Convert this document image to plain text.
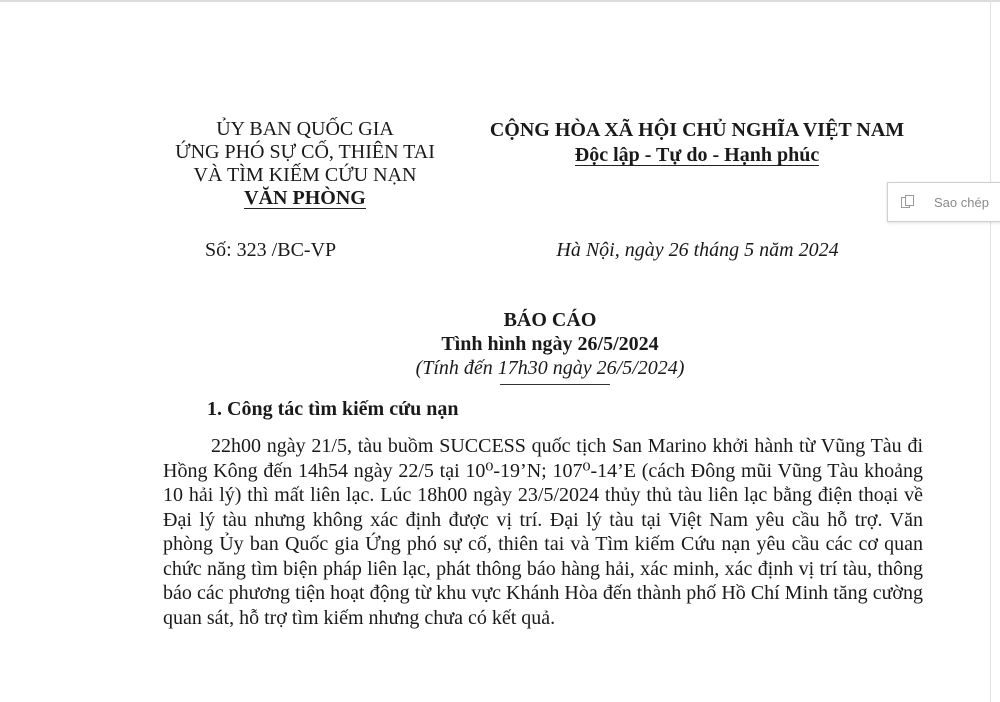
ỦY BAN QUỐC GIA
ỨNG PHÓ SỰ CỐ, THIÊN TAI
VÀ TÌM KIẾM CỨU NẠN
VĂN PHÒNG
CỘNG HÒA XÃ HỘI CHỦ NGHĨA VIỆT NAM
Độc lập - Tự do - Hạnh phúc
Số: 323 /BC-VP	Hà Nội, ngày 26 tháng 5 năm 2024
BÁO CÁO
Tình hình ngày 26/5/2024
(Tính đến 17h30 ngày 26/5/2024)
1. Công tác tìm kiếm cứu nạn

22h00 ngày 21/5, tàu buồm SUCCESS quốc tịch San Marino khởi hành từ Vũng Tàu đi Hồng Kông đến 14h54 ngày 22/5 tại 10⁰-19’N; 107⁰-14’E (cách Đông mũi Vũng Tàu khoảng 10 hải lý) thì mất liên lạc. Lúc 18h00 ngày 23/5/2024 thủy thủ tàu liên lạc bằng điện thoại về Đại lý tàu nhưng không xác định được vị trí. Đại lý tàu tại Việt Nam yêu cầu hỗ trợ. Văn phòng Ủy ban Quốc gia Ứng phó sự cố, thiên tai và Tìm kiếm Cứu nạn yêu cầu các cơ quan chức năng tìm biện pháp liên lạc, phát thông báo hàng hải, xác minh, xác định vị trí tàu, thông báo các phương tiện hoạt động từ khu vực Khánh Hòa đến thành phố Hồ Chí Minh tăng cường quan sát, hỗ trợ tìm kiếm nhưng chưa có kết quả.

Sao chép
